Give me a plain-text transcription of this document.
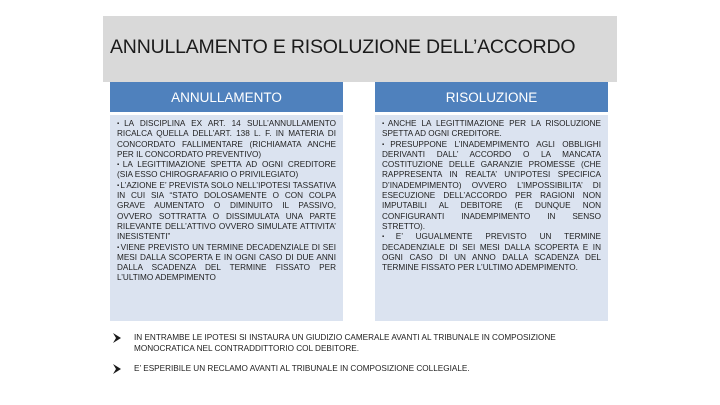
ANNULLAMENTO E RISOLUZIONE DELL’ACCORDO
ANNULLAMENTO	RISOLUZIONE
▪LA DISCIPLINA EX ART. 14 SULL’ANNULLAMENTO RICALCA QUELLA DELL’ART. 138 L. F. IN MATERIA DI CONCORDATO FALLIMENTARE (RICHIAMATA ANCHE PER IL CONCORDATO PREVENTIVO)
▪LA LEGITTIMAZIONE SPETTA AD OGNI CREDITORE (SIA ESSO CHIROGRAFARIO O PRIVILEGIATO)
▪L’AZIONE E’ PREVISTA SOLO NELL’IPOTESI TASSATIVA IN CUI SIA “STATO DOLOSAMENTE O CON COLPA GRAVE AUMENTATO O DIMINUITO IL PASSIVO, OVVERO SOTTRATTA O DISSIMULATA UNA PARTE RILEVANTE DELL’ATTIVO OVVERO SIMULATE ATTIVITA’ INESISTENTI”
▪VIENE PREVISTO UN TERMINE DECADENZIALE DI SEI MESI DALLA SCOPERTA E IN OGNI CASO DI DUE ANNI DALLA SCADENZA DEL TERMINE FISSATO PER L’ULTIMO ADEMPIMENTO
▪ANCHE LA LEGITTIMAZIONE PER LA RISOLUZIONE SPETTA AD OGNI CREDITORE.
▪PRESUPPONE L’INADEMPIMENTO AGLI OBBLIGHI DERIVANTI DALL’ ACCORDO O LA MANCATA COSTITUZIONE DELLE GARANZIE PROMESSE (CHE RAPPRESENTA IN REALTA’ UN’IPOTESI SPECIFICA D’INADEMPIMENTO) OVVERO L’IMPOSSIBILITA’ DI ESECUZIONE DELL’ACCORDO PER RAGIONI NON IMPUTABILI AL DEBITORE (E DUNQUE NON CONFIGURANTI INADEMPIMENTO IN SENSO STRETTO).
▪E’ UGUALMENTE PREVISTO UN TERMINE DECADENZIALE DI SEI MESI DALLA SCOPERTA E IN OGNI CASO DI UN ANNO DALLA SCADENZA DEL TERMINE FISSATO PER L’ULTIMO ADEMPIMENTO.
IN ENTRAMBE LE IPOTESI SI INSTAURA UN GIUDIZIO CAMERALE AVANTI AL TRIBUNALE IN COMPOSIZIONE MONOCRATICA NEL CONTRADDITTORIO COL DEBITORE.
E’ ESPERIBILE UN RECLAMO AVANTI AL TRIBUNALE IN COMPOSIZIONE COLLEGIALE.
